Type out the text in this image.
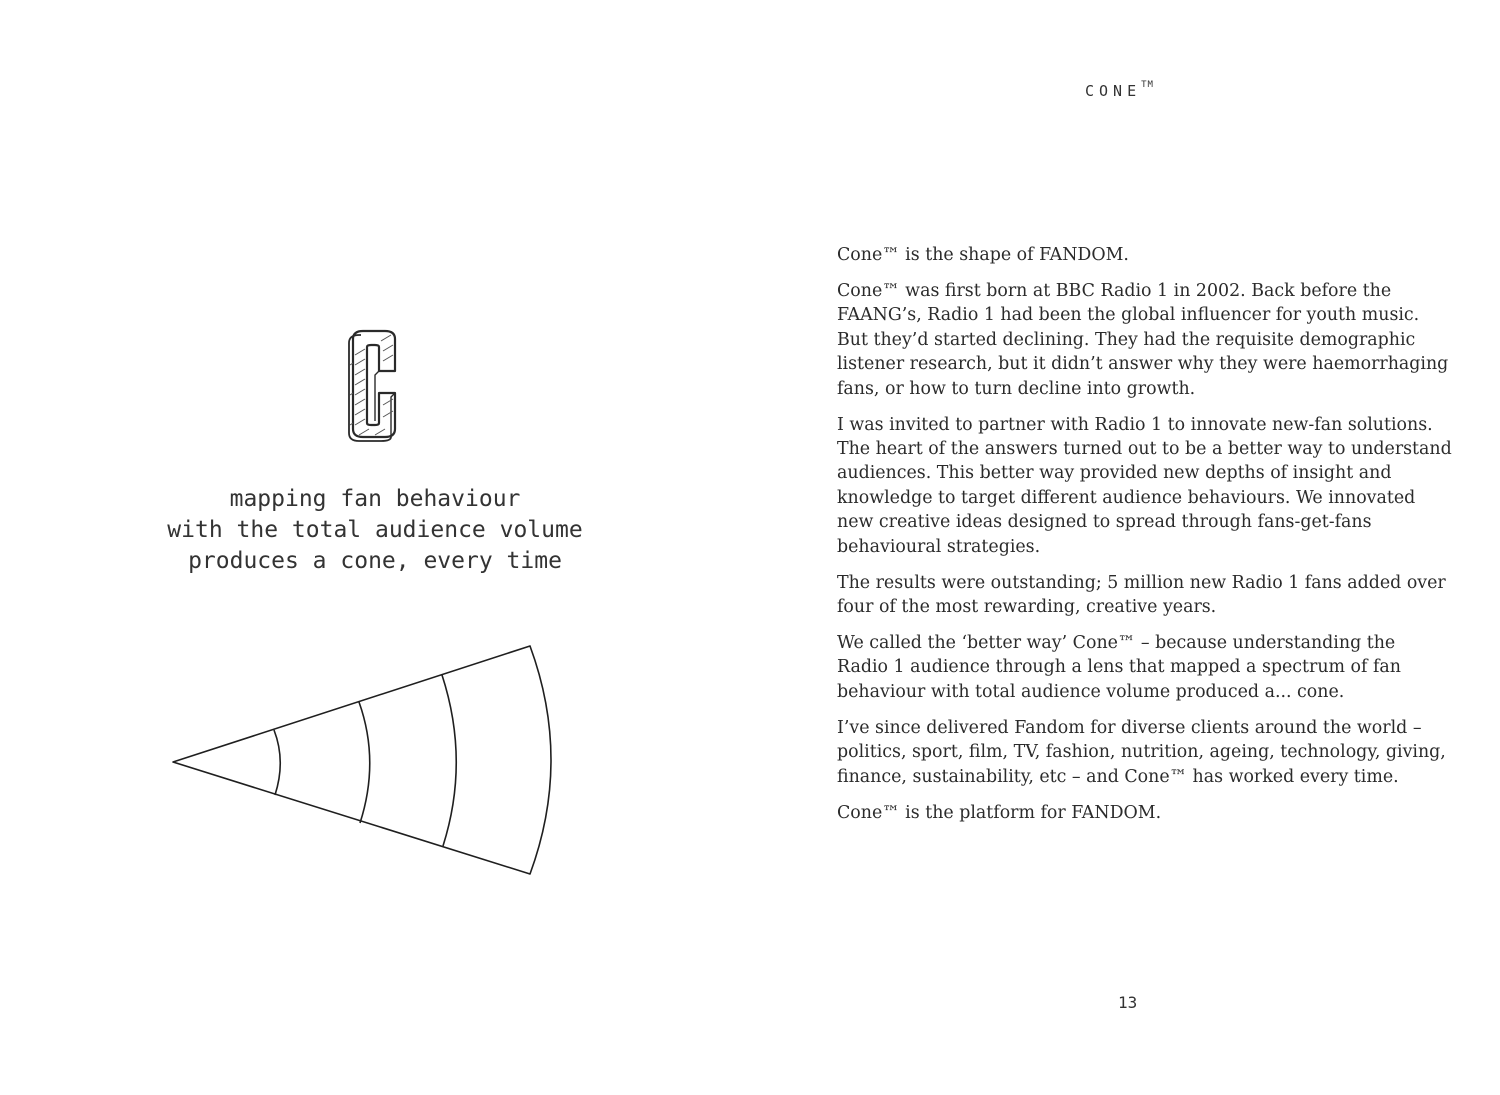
mapping fan behaviour
with the total audience volume
produces a cone, every time
CONE™

Cone™ is the shape of FANDOM.

Cone™ was first born at BBC Radio 1 in 2002. Back before the
FAANG’s, Radio 1 had been the global influencer for youth music.
But they’d started declining. They had the requisite demographic
listener research, but it didn’t answer why they were haemorrhaging
fans, or how to turn decline into growth.

I was invited to partner with Radio 1 to innovate new-fan solutions.
The heart of the answers turned out to be a better way to understand
audiences. This better way provided new depths of insight and
knowledge to target different audience behaviours. We innovated
new creative ideas designed to spread through fans-get-fans
behavioural strategies.

The results were outstanding; 5 million new Radio 1 fans added over
four of the most rewarding, creative years.

We called the ‘better way’ Cone™ – because understanding the
Radio 1 audience through a lens that mapped a spectrum of fan
behaviour with total audience volume produced a... cone.

I’ve since delivered Fandom for diverse clients around the world –
politics, sport, film, TV, fashion, nutrition, ageing, technology, giving,
finance, sustainability, etc – and Cone™ has worked every time.

Cone™ is the platform for FANDOM.

13
